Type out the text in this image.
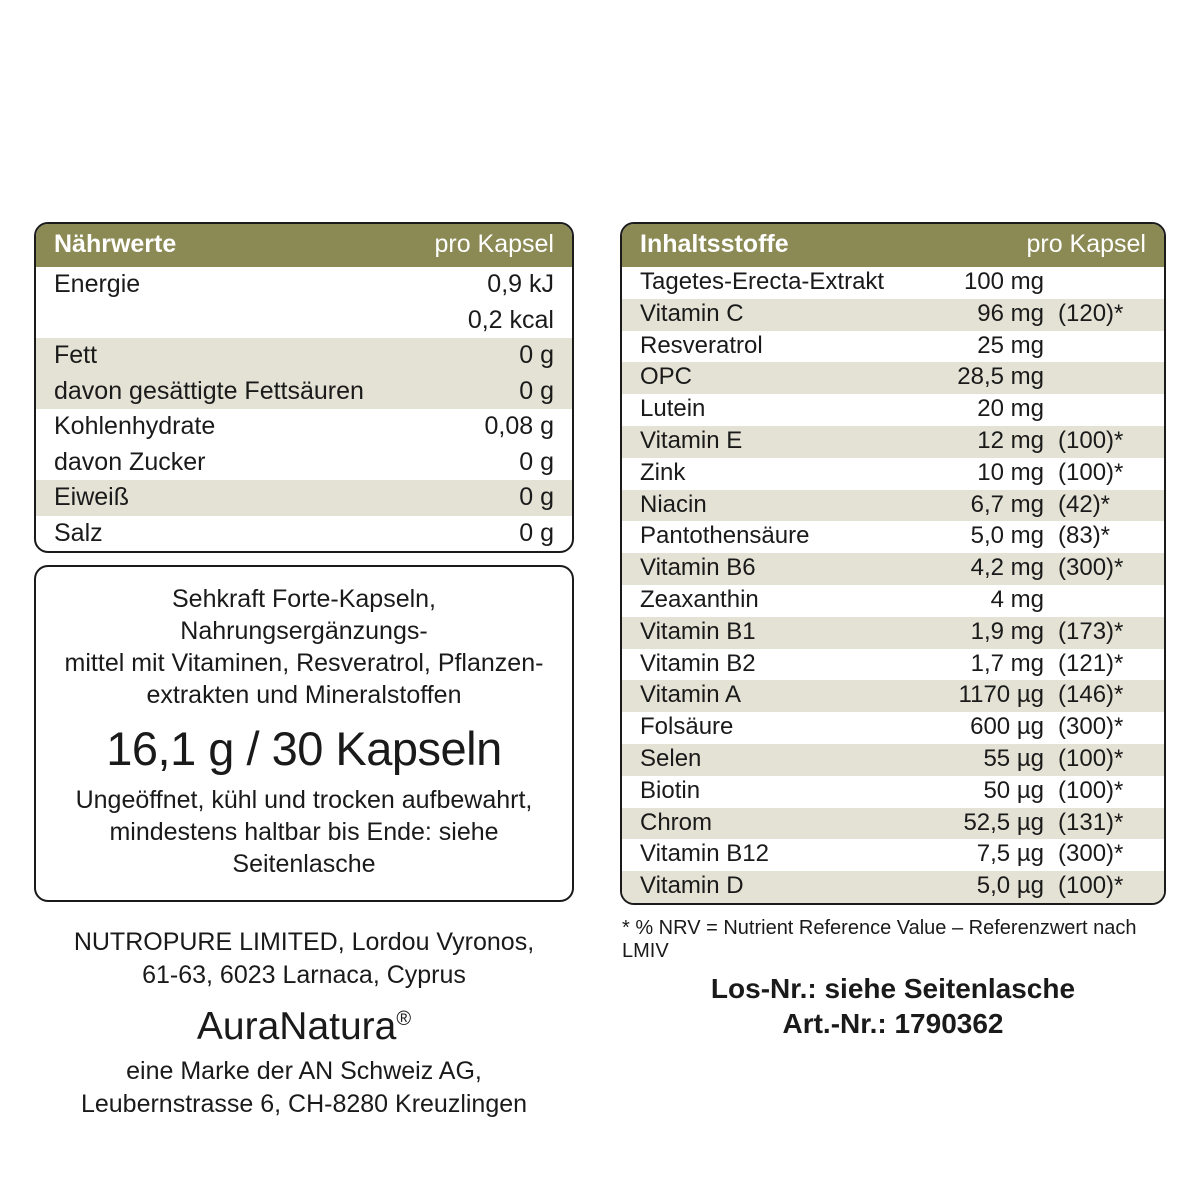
Nährwerte	pro Kapsel
Energie	0,9 kJ
	0,2 kcal
Fett	0 g
davon gesättigte Fettsäuren	0 g
Kohlenhydrate	0,08 g
davon Zucker	0 g
Eiweiß	0 g
Salz	0 g
Sehkraft Forte-Kapseln, Nahrungsergänzungs-
mittel mit Vitaminen, Resveratrol, Pflanzen-
extrakten und Mineralstoffen
16,1 g / 30 Kapseln
Ungeöffnet, kühl und trocken aufbewahrt,
mindestens haltbar bis Ende: siehe Seitenlasche
NUTROPURE LIMITED, Lordou Vyronos,
61-63, 6023 Larnaca, Cyprus
AuraNatura®
eine Marke der AN Schweiz AG,
Leubernstrasse 6, CH-8280 Kreuzlingen
Inhaltsstoffe	pro Kapsel
Tagetes-Erecta-Extrakt	100 mg	
Vitamin C	96 mg	(120)*
Resveratrol	25 mg	
OPC	28,5 mg	
Lutein	20 mg	
Vitamin E	12 mg	(100)*
Zink	10 mg	(100)*
Niacin	6,7 mg	(42)*
Pantothensäure	5,0 mg	(83)*
Vitamin B6	4,2 mg	(300)*
Zeaxanthin	4 mg	
Vitamin B1	1,9 mg	(173)*
Vitamin B2	1,7 mg	(121)*
Vitamin A	1170 µg	(146)*
Folsäure	600 µg	(300)*
Selen	55 µg	(100)*
Biotin	50 µg	(100)*
Chrom	52,5 µg	(131)*
Vitamin B12	7,5 µg	(300)*
Vitamin D	5,0 µg	(100)*
* % NRV = Nutrient Reference Value – Referenzwert nach LMIV
Los-Nr.: siehe Seitenlasche
Art.-Nr.: 1790362
